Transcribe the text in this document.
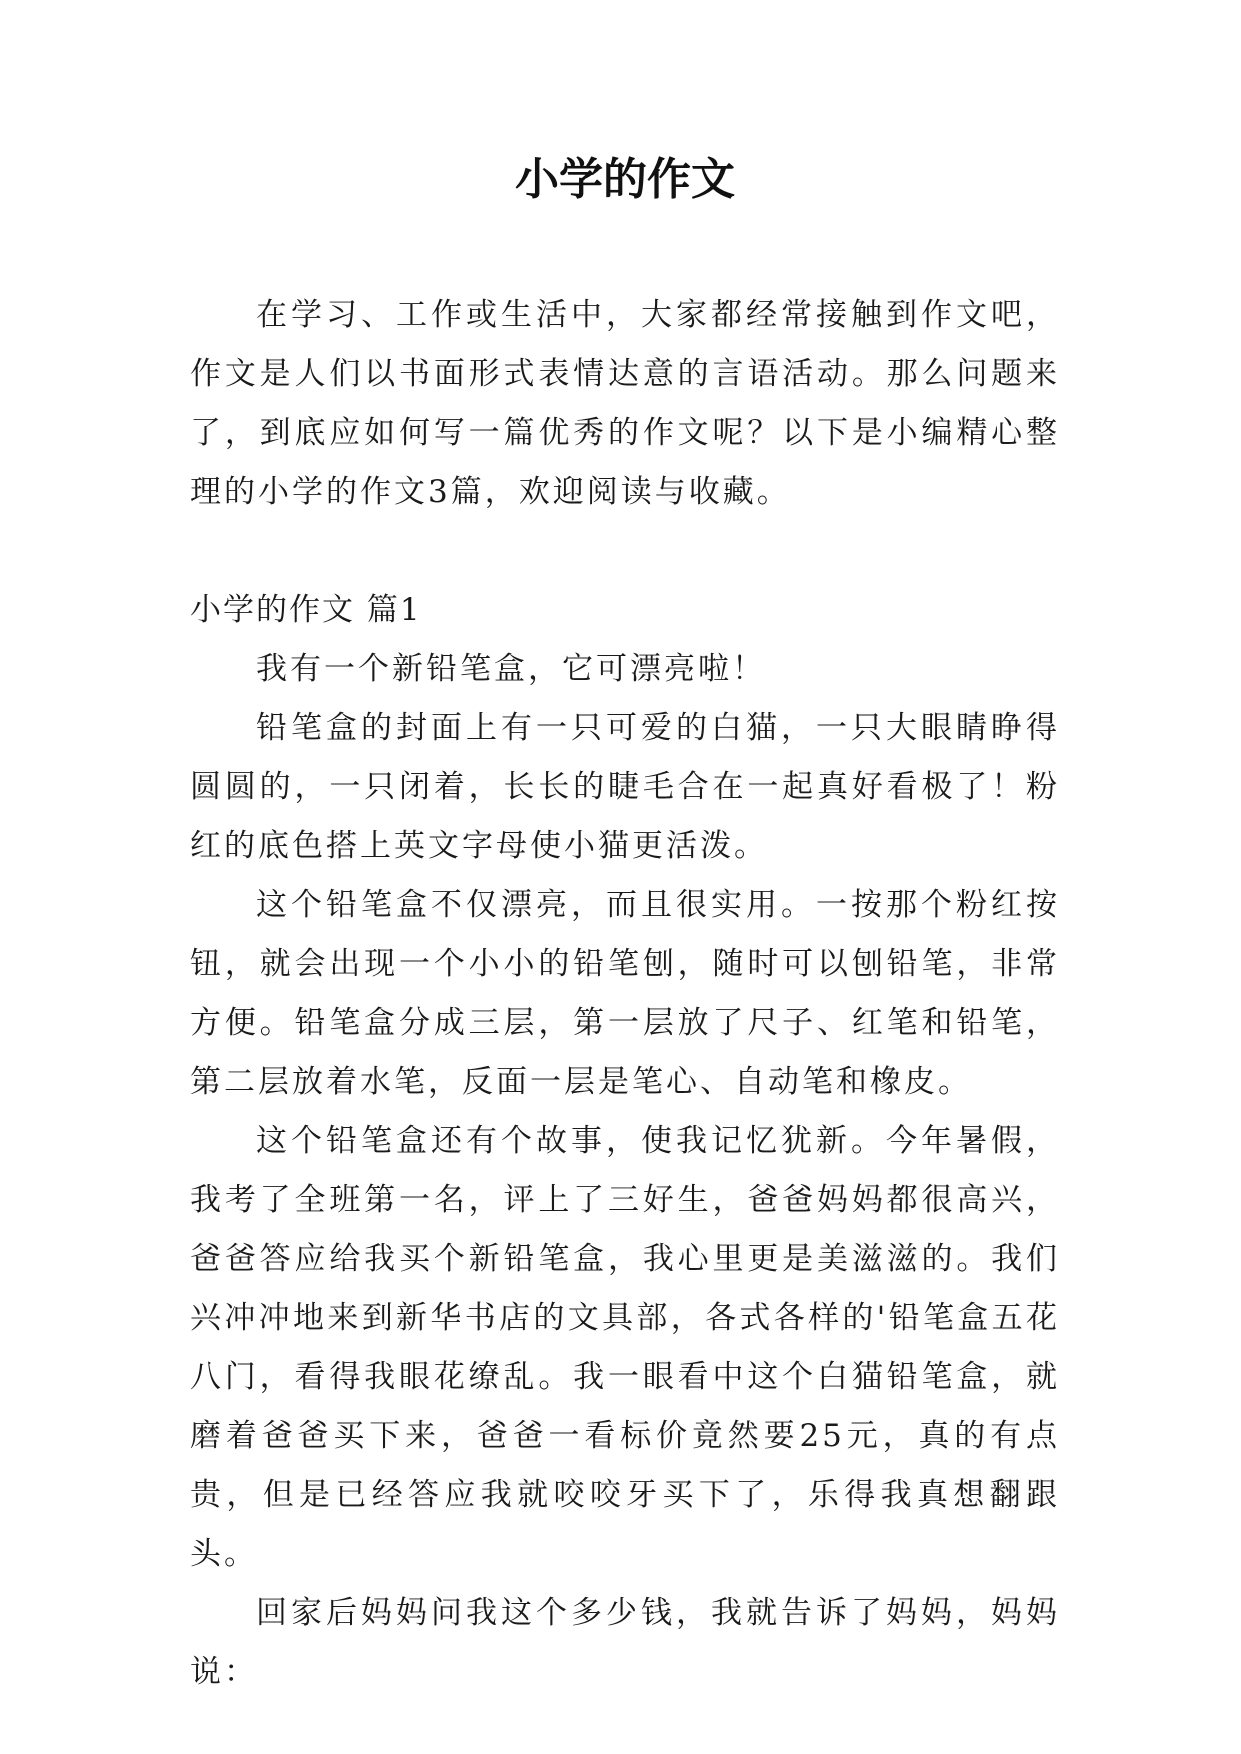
小学的作文

在学习、工作或生活中，大家都经常接触到作文吧，作文是人们以书面形式表情达意的言语活动。那么问题来了，到底应如何写一篇优秀的作文呢？以下是小编精心整理的小学的作文3篇，欢迎阅读与收藏。

小学的作文 篇1

我有一个新铅笔盒，它可漂亮啦！

铅笔盒的封面上有一只可爱的白猫，一只大眼睛睁得圆圆的，一只闭着，长长的睫毛合在一起真好看极了！粉红的底色搭上英文字母使小猫更活泼。

这个铅笔盒不仅漂亮，而且很实用。一按那个粉红按钮，就会出现一个小小的铅笔刨，随时可以刨铅笔，非常方便。铅笔盒分成三层，第一层放了尺子、红笔和铅笔，第二层放着水笔，反面一层是笔心、自动笔和橡皮。

这个铅笔盒还有个故事，使我记忆犹新。今年暑假，我考了全班第一名，评上了三好生，爸爸妈妈都很高兴，爸爸答应给我买个新铅笔盒，我心里更是美滋滋的。我们兴冲冲地来到新华书店的文具部，各式各样的'铅笔盒五花八门，看得我眼花缭乱。我一眼看中这个白猫铅笔盒，就磨着爸爸买下来，爸爸一看标价竟然要25元，真的有点贵，但是已经答应我就咬咬牙买下了，乐得我真想翻跟头。

回家后妈妈问我这个多少钱，我就告诉了妈妈，妈妈说：
